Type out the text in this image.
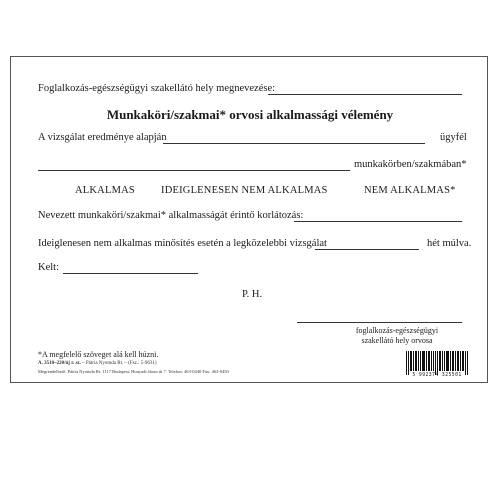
Foglalkozás-egészségügyi szakellátó hely megnevezése:
Munkaköri/szakmai* orvosi alkalmassági vélemény
A vizsgálat eredménye alapján	ügyfél
munkakörben/szakmában*
ALKALMAS IDEIGLENESEN NEM ALKALMAS	NEM ALKALMAS*
Nevezett munkaköri/szakmai* alkalmasságát érintő korlátozás:
Ideiglenesen nem alkalmas minősítés esetén a legközelebbi vizsgálat	hét múlva.
Kelt:
P. H.
foglalkozás-egészségügyi
szakellátó hely orvosa
*A megfelelő szöveget alá kell húzni.
A. 3510–220/új r. sz. – Pátria Nyomda Rt. – (Fsz.: 5-9631)
Megrendelhető: Pátria Nyomda Rt. 1117 Budapest, Hunyadi János út 7. Telefon: 463-0440 Fax: 463-0450
5 992374 325501
